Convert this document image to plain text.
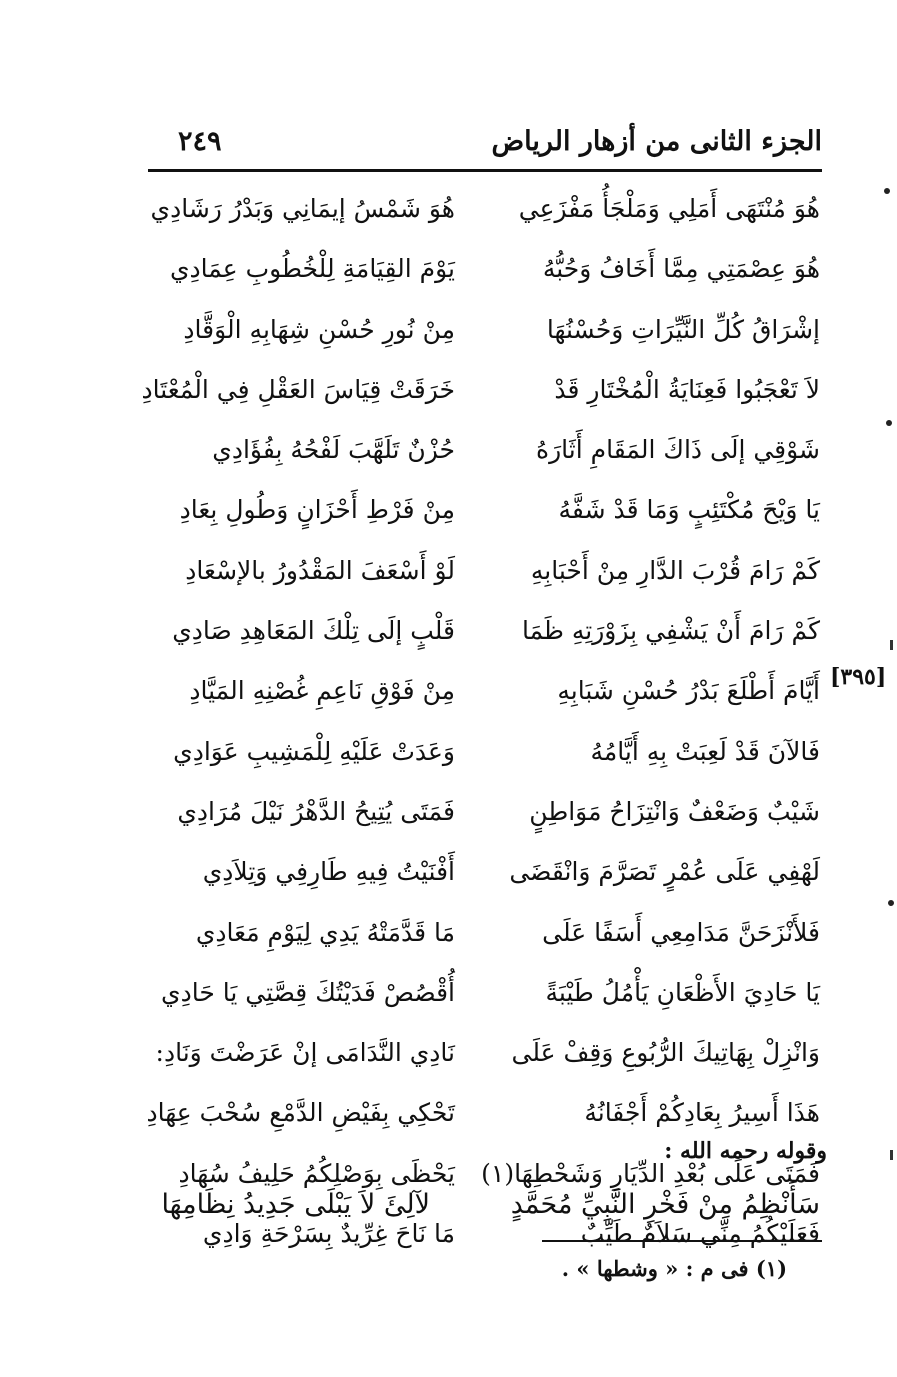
الجزء الثانى من أزهار الرياض
٢٤٩
هُوَ مُنْتَهَى أَمَلِي وَمَلْجَأُ مَفْزَعِي
هُوَ شَمْسُ إيمَانِي وَبَدْرُ رَشَادِي
هُوَ عِصْمَتِي مِمَّا أَخَافُ وَحُبُّهُ
يَوْمَ القِيَامَةِ لِلْخُطُوبِ عِمَادِي
إشْرَاقُ كُلِّ النَّيِّرَاتِ وَحُسْنُهَا
مِنْ نُورِ حُسْنِ شِهَابِهِ الْوَقَّادِ
لاَ تَعْجَبُوا فَعِنَايَةُ الْمُخْتَارِ قَدْ
خَرَقَتْ قِيَاسَ العَقْلِ فِي الْمُعْتَادِ
شَوْقِي إلَى ذَاكَ المَقَامِ أَثَارَهُ
حُزْنٌ تَلَهَّبَ لَفْحُهُ بِفُؤَادِي
يَا وَيْحَ مُكْتَئِبٍ وَمَا قَدْ شَفَّهُ
مِنْ فَرْطِ أَحْزَانٍ وَطُولِ بِعَادِ
كَمْ رَامَ قُرْبَ الدَّارِ مِنْ أَحْبَابِهِ
لَوْ أَسْعَفَ المَقْدُورُ بالإسْعَادِ
كَمْ رَامَ أَنْ يَشْفِي بِزَوْرَتِهِ ظَمَا
قَلْبٍ إلَى تِلْكَ المَعَاهِدِ صَادِي
أَيَّامَ أَطْلَعَ بَدْرُ حُسْنِ شَبَابِهِ
مِنْ فَوْقِ نَاعِمِ غُصْنِهِ المَيَّادِ
فَالآنَ قَدْ لَعِبَتْ بِهِ أَيَّامُهُ
وَعَدَتْ عَلَيْهِ لِلْمَشِيبِ عَوَادِي
شَيْبٌ وَضَعْفٌ وَانْتِزَاحُ مَوَاطِنٍ
فَمَتَى يُتِيحُ الدَّهْرُ نَيْلَ مُرَادِي
لَهْفِي عَلَى عُمْرٍ تَصَرَّمَ وَانْقَضَى
أَفْنَيْتُ فِيهِ طَارِفِي وَتِلاَدِي
فَلأَنْزَحَنَّ مَدَامِعِي أَسَفًا عَلَى
مَا قَدَّمَتْهُ يَدِي لِيَوْمِ مَعَادِي
يَا حَادِيَ الأَظْعَانِ يَأْمُلُ طَيْبَةً
أُقْصُصْ فَدَيْتُكَ قِصَّتِي يَا حَادِي
وَانْزِلْ بِهَاتِيكَ الرُّبُوعِ وَقِفْ عَلَى
نَادِي النَّدَامَى إنْ عَرَضْتَ وَنَادِ:
هَذَا أَسِيرُ بِعَادِكُمْ أَجْفَانُهُ
تَحْكِي بِفَيْضِ الدَّمْعِ سُحْبَ عِهَادِ
فَمَتَى عَلَى بُعْدِ الدِّيَارِ وَشَحْطِهَا(١)
يَحْظَى بِوَصْلِكُمُ حَلِيفُ سُهَادِ
فَعَلَيْكُمُ مِنِّي سَلاَمٌ طَيِّبٌ
مَا نَاحَ غِرِّيدٌ بِسَرْحَةِ وَادِي
وقوله رحمه الله :
سَأَنْظِمُ مِنْ فَخْرِ النَّبِيِّ مُحَمَّدٍ
لآلِئَ لاَ يَبْلَى جَدِيدُ نِظَامِهَا
(١) فى م : « وشطها » .
[٣٩٥]
